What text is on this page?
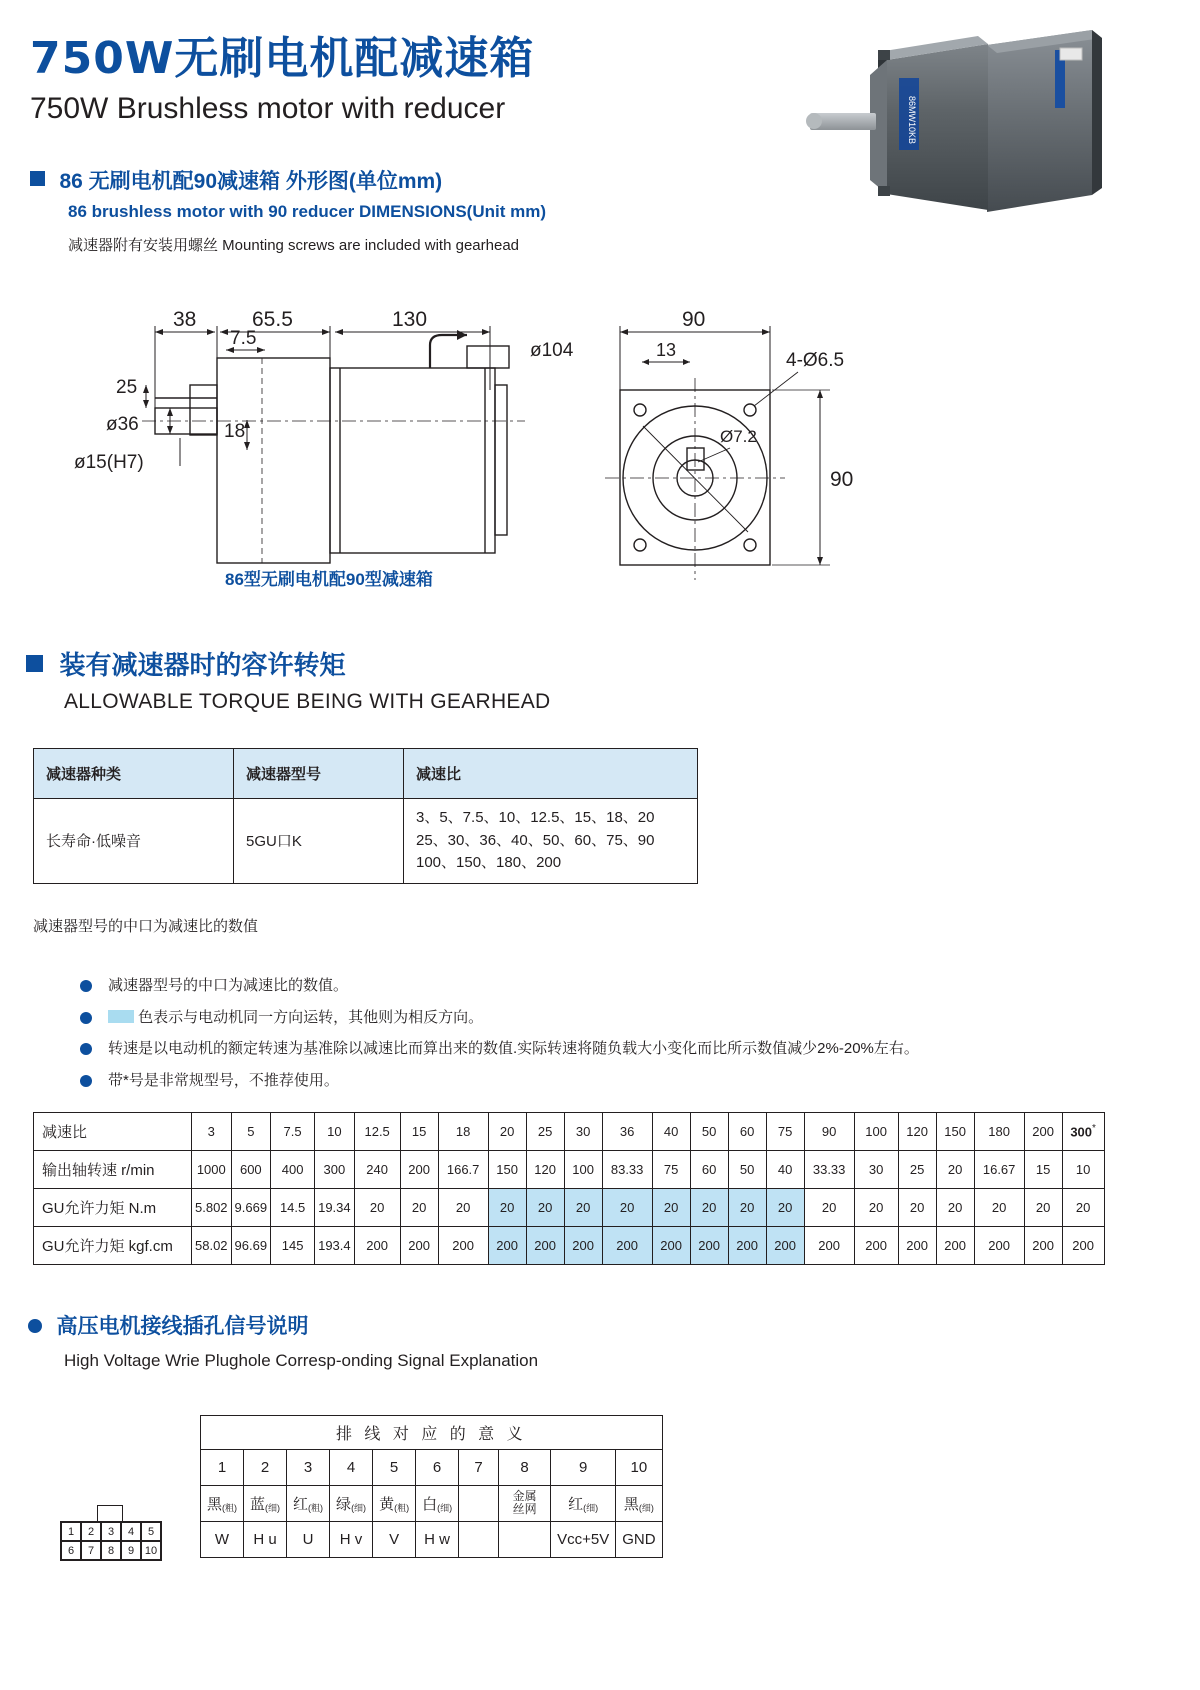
750W无刷电机配减速箱
750W Brushless motor with reducer	86MW10KB
86 无刷电机配90减速箱 外形图(单位mm)
86 brushless motor with 90 reducer DIMENSIONS(Unit mm)
减速器附有安装用螺丝 Mounting screws are included with gearhead
38	65.5	130	90
13
25
7.5
18
ø36
ø15(H7)
ø104	4-Ø6.5
90
Ø7.2
86型无刷电机配90型减速箱
装有减速器时的容许转矩
ALLOWABLE TORQUE BEING WITH GEARHEAD
减速器种类	减速器型号	减速比
长寿命·低噪音	5GU口K	3、5、7.5、10、12.5、15、18、20
25、30、36、40、50、60、75、90
100、150、180、200
减速器型号的中口为减速比的数值
减速器型号的中口为减速比的数值。
色表示与电动机同一方向运转，其他则为相反方向。
转速是以电动机的额定转速为基准除以减速比而算出来的数值.实际转速将随负载大小变化而比所示数值减少2%-20%左右。
带*号是非常规型号，不推荐使用。
减速比	3	5	7.5	10	12.5	15	18	20	25	30	36	40	50	60	75	90	100	120	150	180	200	300*
输出轴转速 r/min	1000	600	400	300	240	200	166.7	150	120	100	83.33	75	60	50	40	33.33	30	25	20	16.67	15	10
GU允许力矩 N.m	5.802	9.669	14.5	19.34	20	20	20	20	20	20	20	20	20	20	20	20	20	20	20	20	20	20
GU允许力矩 kgf.cm	58.02	96.69	145	193.4	200	200	200	200	200	200	200	200	200	200	200	200	200	200	200	200	200	200
高压电机接线插孔信号说明
High Voltage Wrie Plughole Corresp-onding Signal Explanation
1	2	3	4	5
6	7	8	9 10
排 线 对 应 的 意 义									
1	2	3	4	5	6	7	8	9	10
黑(粗)	蓝(细)	红(粗)	绿(细)	黄(粗)	白(细)		金属
丝网	红(细)	黑(细)
W	H u	U	H v	V	H w			Vcc+5V	GND
